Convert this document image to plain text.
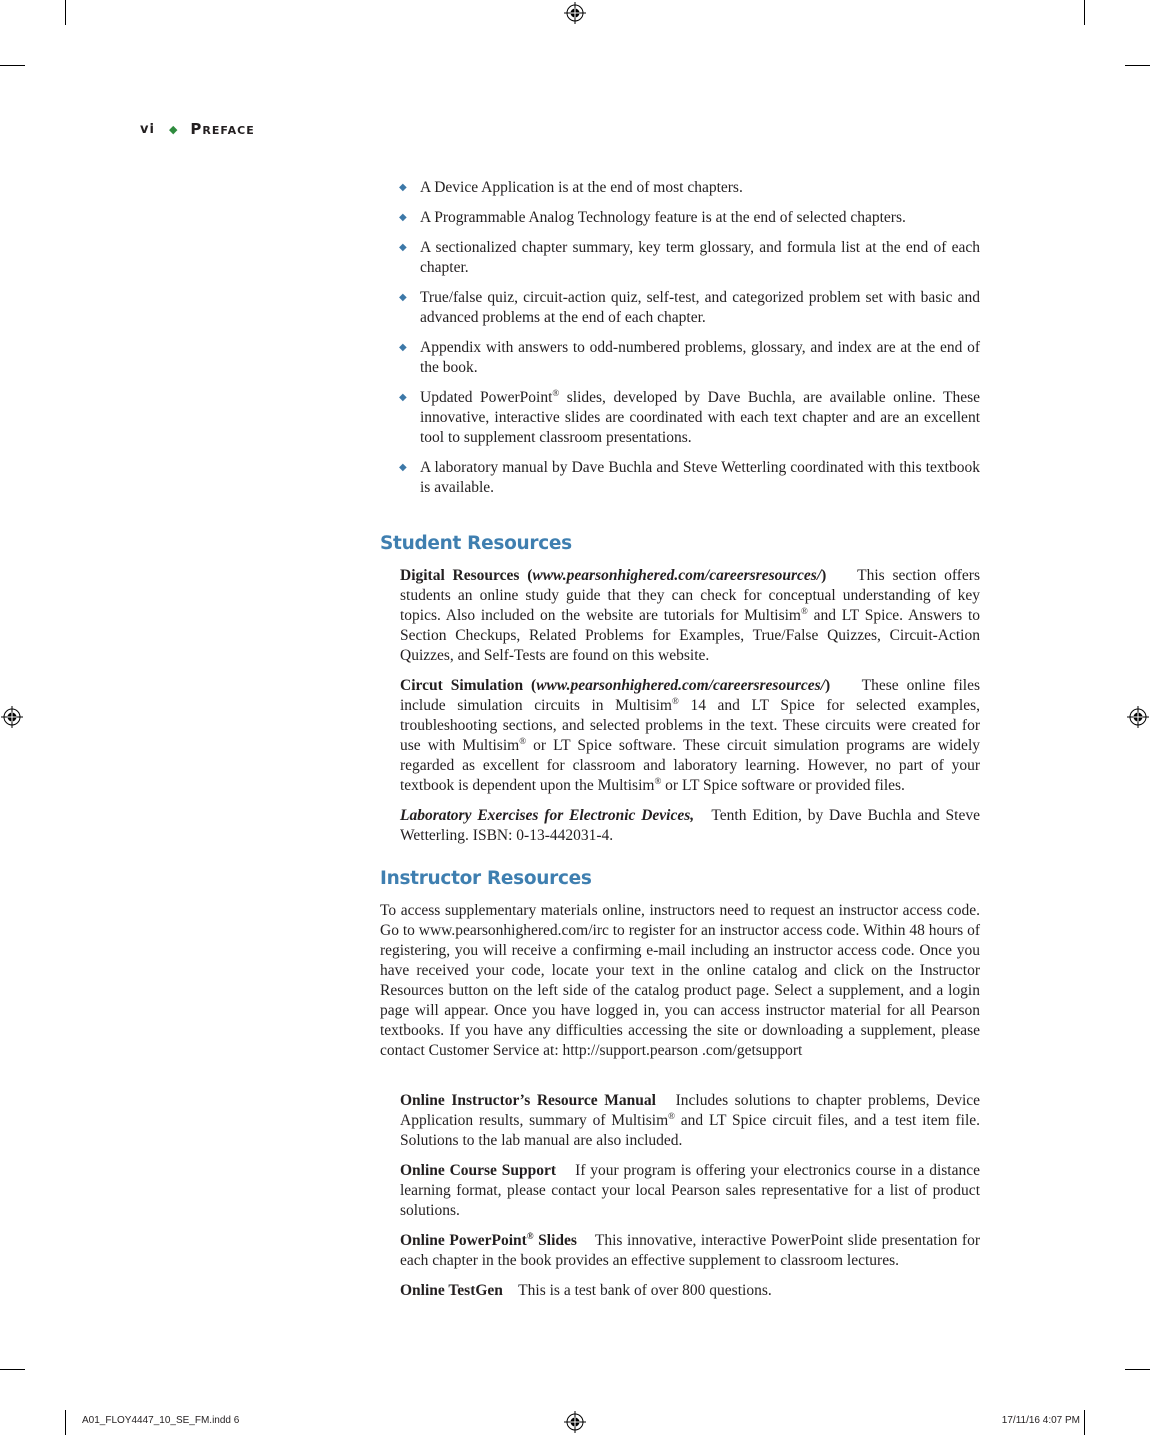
vi ◆ Preface
◆ A Device Application is at the end of most chapters.
◆ A Programmable Analog Technology feature is at the end of selected chapters.
◆ A sectionalized chapter summary, key term glossary, and formula list at the end of each chapter.
◆ True/false quiz, circuit-action quiz, self-test, and categorized problem set with basic and advanced problems at the end of each chapter.
◆ Appendix with answers to odd-numbered problems, glossary, and index are at the end of the book.
◆ Updated PowerPoint® slides, developed by Dave Buchla, are available online. These innovative, interactive slides are coordinated with each text chapter and are an excellent tool to supplement classroom presentations.
◆ A laboratory manual by Dave Buchla and Steve Wetterling coordinated with this textbook is available.
Student Resources
Digital Resources (www.pearsonhighered.com/careersresources/) This section offers students an online study guide that they can check for conceptual understanding of key topics. Also included on the website are tutorials for Multisim® and LT Spice. Answers to Section Checkups, Related Problems for Examples, True/False Quizzes, Circuit-Action Quizzes, and Self-Tests are found on this website.
Circut Simulation (www.pearsonhighered.com/careersresources/) These online files include simulation circuits in Multisim® 14 and LT Spice for selected examples, troubleshooting sections, and selected problems in the text. These circuits were created for use with Multisim® or LT Spice software. These circuit simulation programs are widely regarded as excellent for classroom and laboratory learning. However, no part of your textbook is dependent upon the Multisim® or LT Spice software or provided files.
Laboratory Exercises for Electronic Devices, Tenth Edition, by Dave Buchla and Steve Wetterling. ISBN: 0-13-442031-4.
Instructor Resources
To access supplementary materials online, instructors need to request an instructor access code. Go to www.pearsonhighered.com/irc to register for an instructor access code. Within 48 hours of registering, you will receive a confirming e-mail including an instructor access code. Once you have received your code, locate your text in the online catalog and click on the Instructor Resources button on the left side of the catalog product page. Select a supplement, and a login page will appear. Once you have logged in, you can access instructor material for all Pearson textbooks. If you have any difficulties accessing the site or downloading a supplement, please contact Customer Service at: http://support.pearson .com/getsupport
Online Instructor’s Resource Manual Includes solutions to chapter problems, Device Application results, summary of Multisim® and LT Spice circuit files, and a test item file. Solutions to the lab manual are also included.
Online Course Support If your program is offering your electronics course in a distance learning format, please contact your local Pearson sales representative for a list of product solutions.
Online PowerPoint® Slides This innovative, interactive PowerPoint slide presentation for each chapter in the book provides an effective supplement to classroom lectures.
Online TestGen This is a test bank of over 800 questions.
A01_FLOY4447_10_SE_FM.indd 6	17/11/16 4:07 PM
